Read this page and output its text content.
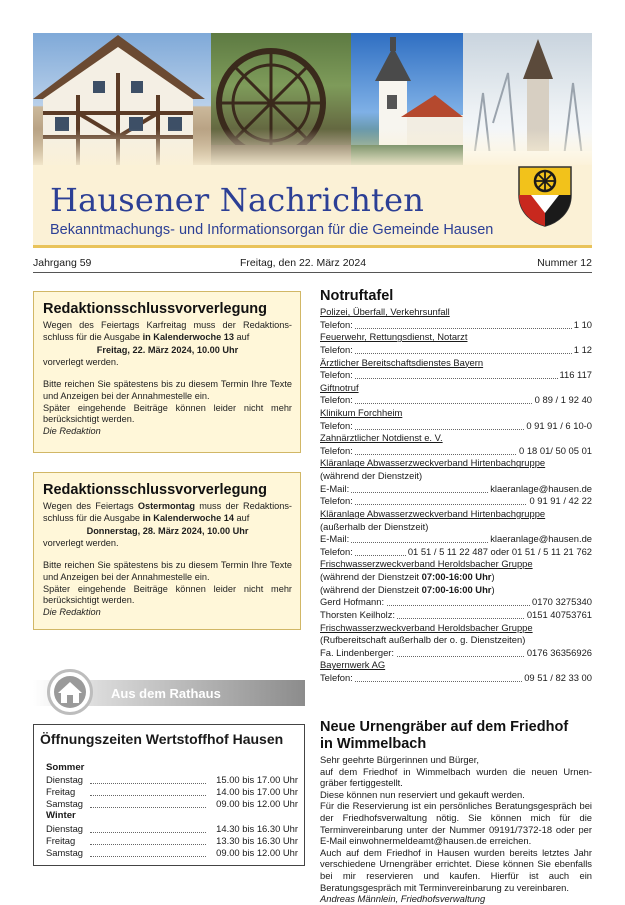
Hausener Nachrichten
Bekanntmachungs- und Informationsorgan für die Gemeinde Hausen
Jahrgang 59	Freitag, den 22. März 2024	Nummer 12
Redaktionsschlussvorverlegung

Wegen des Feiertags Karfreitag muss der Redaktions-schluss für die Ausgabe in Kalenderwoche 13 auf

Freitag, 22. März 2024, 10.00 Uhr

vorverlegt werden.

Bitte reichen Sie spätestens bis zu diesem Termin Ihre Texte und Anzeigen bei der Annahmestelle ein.

Später eingehende Beiträge können leider nicht mehr berücksichtigt werden.

Die Redaktion

Redaktionsschlussvorverlegung

Wegen des Feiertags Ostermontag muss der Redaktions-schluss für die Ausgabe in Kalenderwoche 14 auf

Donnerstag, 28. März 2024, 10.00 Uhr

vorverlegt werden.

Bitte reichen Sie spätestens bis zu diesem Termin Ihre Texte und Anzeigen bei der Annahmestelle ein.

Später eingehende Beiträge können leider nicht mehr berücksichtigt werden.

Die Redaktion

Aus dem Rathaus
Öffnungszeiten Wertstoffhof Hausen
Sommer
Dienstag	15.00 bis 17.00 Uhr
Freitag	14.00 bis 17.00 Uhr
Samstag	09.00 bis 12.00 Uhr
Winter
Dienstag	14.30 bis 16.30 Uhr
Freitag	13.30 bis 16.30 Uhr
Samstag	09.00 bis 12.00 Uhr
Notruftafel
Polizei, Überfall, Verkehrsunfall
Telefon:	1 10
Feuerwehr, Rettungsdienst, Notarzt
Telefon:	1 12
Ärztlicher Bereitschaftsdienstes Bayern
Telefon:	116 117
Giftnotruf
Telefon:	0 89 / 1 92 40
Klinikum Forchheim
Telefon:	0 91 91 / 6 10-0
Zahnärztlicher Notdienst e. V.
Telefon:	0 18 01/ 50 05 01
Kläranlage Abwasserzweckverband Hirtenbachgruppe
(während der Dienstzeit)
E-Mail:	klaeranlage@hausen.de
Telefon:	0 91 91 / 42 22
Kläranlage Abwasserzweckverband Hirtenbachgruppe
(außerhalb der Dienstzeit)
E-Mail:	klaeranlage@hausen.de
Telefon:	01 51 / 5 11 22 487 oder 01 51 / 5 11 21 762
Frischwasserzweckverband Heroldsbacher Gruppe
(während der Dienstzeit 07:00-16:00 Uhr)
(während der Dienstzeit 07:00-16:00 Uhr)
Gerd Hofmann:	0170 3275340
Thorsten Keilholz:	0151 40753761
Frischwasserzweckverband Heroldsbacher Gruppe
(Rufbereitschaft außerhalb der o. g. Dienstzeiten)
Fa. Lindenberger:	0176 36356926
Bayernwerk AG
Telefon:	09 51 / 82 33 00
Neue Urnengräber auf dem Friedhof
in Wimmelbach

Sehr geehrte Bürgerinnen und Bürger,

auf dem Friedhof in Wimmelbach wurden die neuen Urnen-gräber fertiggestellt.

Diese können nun reserviert und gekauft werden.

Für die Reservierung ist ein persönliches Beratungsgespräch bei der Friedhofsverwaltung nötig. Sie können mich für die Terminvereinbarung unter der Nummer 09191/7372-18 oder per E-Mail einwohnermeldeamt@hausen.de erreichen.

Auch auf dem Friedhof in Hausen wurden bereits letztes Jahr verschiedene Urnengräber errichtet. Diese können Sie ebenfalls bei mir reservieren und kaufen. Hierfür ist auch ein Beratungsgespräch mit Terminvereinbarung zu vereinbaren.

Andreas Männlein, Friedhofsverwaltung
